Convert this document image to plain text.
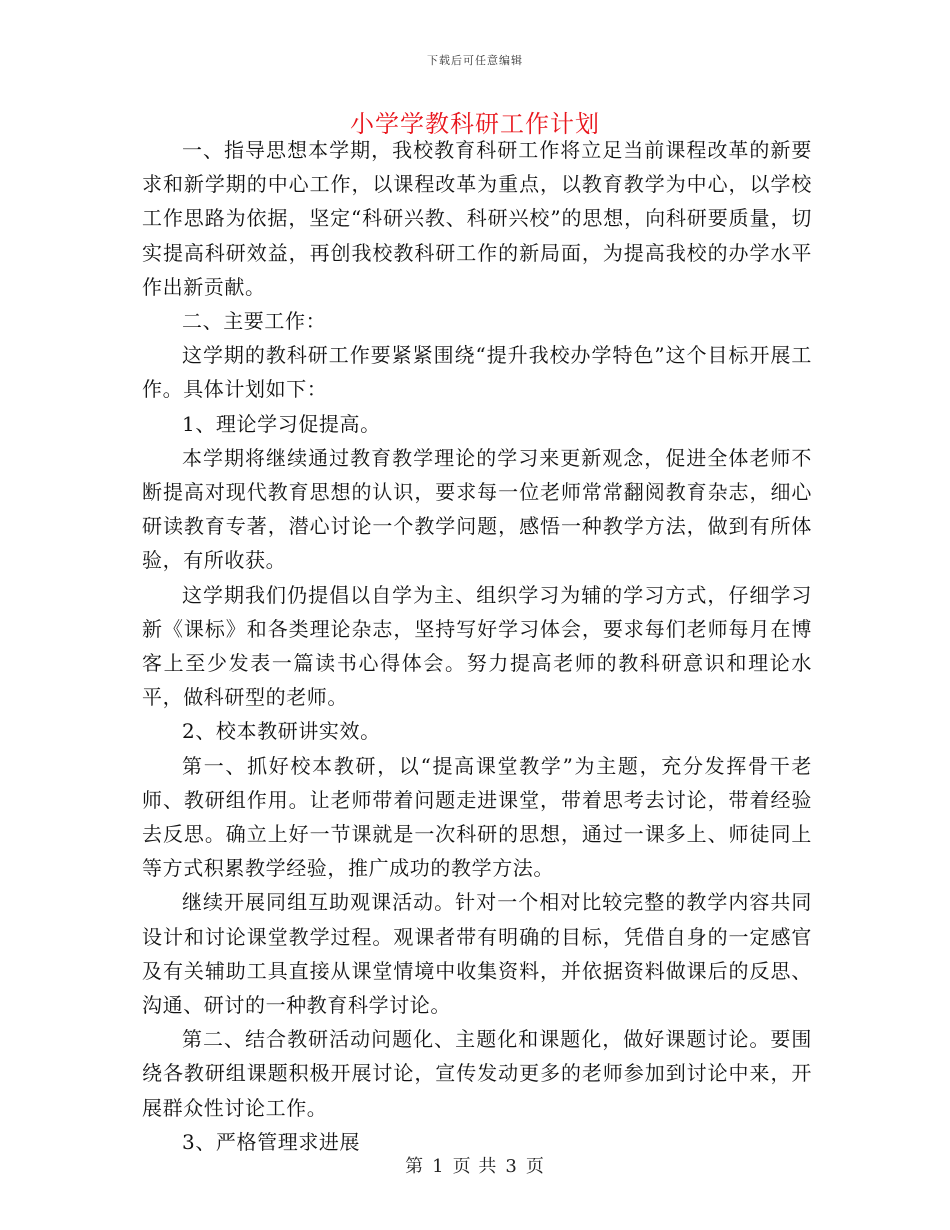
下载后可任意编辑
小学学教科研工作计划

一、指导思想本学期，我校教育科研工作将立足当前课程改革的新要求和新学期的中心工作，以课程改革为重点，以教育教学为中心，以学校工作思路为依据，坚定“科研兴教、科研兴校”的思想，向科研要质量，切实提高科研效益，再创我校教科研工作的新局面，为提高我校的办学水平作出新贡献。

二、主要工作：

这学期的教科研工作要紧紧围绕“提升我校办学特色”这个目标开展工作。具体计划如下：

1、理论学习促提高。

本学期将继续通过教育教学理论的学习来更新观念，促进全体老师不断提高对现代教育思想的认识，要求每一位老师常常翻阅教育杂志，细心研读教育专著，潜心讨论一个教学问题，感悟一种教学方法，做到有所体验，有所收获。

这学期我们仍提倡以自学为主、组织学习为辅的学习方式，仔细学习新《课标》和各类理论杂志，坚持写好学习体会，要求每们老师每月在博客上至少发表一篇读书心得体会。努力提高老师的教科研意识和理论水平，做科研型的老师。

2、校本教研讲实效。

第一、抓好校本教研，以“提高课堂教学”为主题，充分发挥骨干老师、教研组作用。让老师带着问题走进课堂，带着思考去讨论，带着经验去反思。确立上好一节课就是一次科研的思想，通过一课多上、师徒同上等方式积累教学经验，推广成功的教学方法。

继续开展同组互助观课活动。针对一个相对比较完整的教学内容共同设计和讨论课堂教学过程。观课者带有明确的目标，凭借自身的一定感官及有关辅助工具直接从课堂情境中收集资料，并依据资料做课后的反思、沟通、研讨的一种教育科学讨论。

第二、结合教研活动问题化、主题化和课题化，做好课题讨论。要围绕各教研组课题积极开展讨论，宣传发动更多的老师参加到讨论中来，开展群众性讨论工作。

3、严格管理求进展

第 1 页 共 3 页
